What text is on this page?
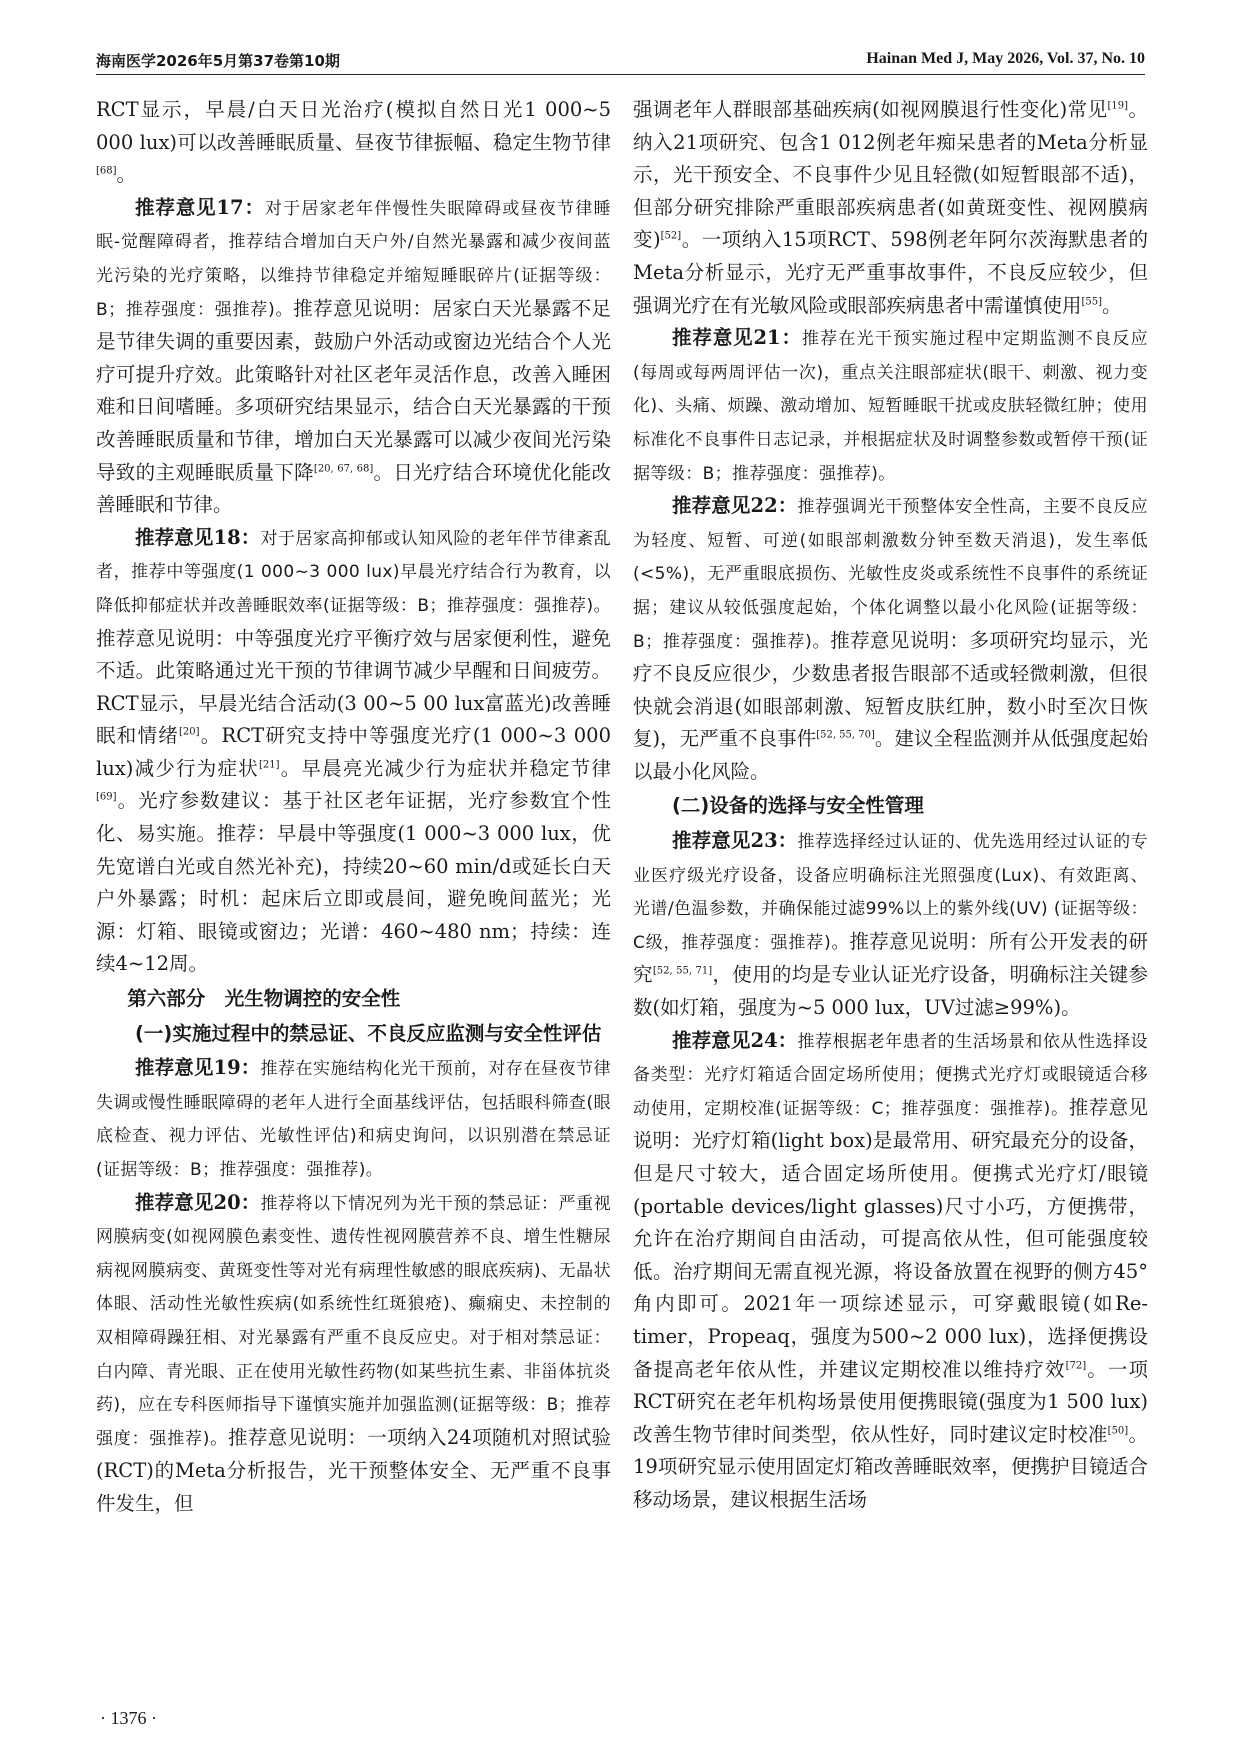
海南医学2026年5月第37卷第10期	Hainan Med J, May 2026, Vol. 37, No. 10

RCT显示，早晨/白天日光治疗(模拟自然日光1 000~5 000 lux)可以改善睡眠质量、昼夜节律振幅、稳定生物节律[68]。

推荐意见17：对于居家老年伴慢性失眠障碍或昼夜节律睡眠-觉醒障碍者，推荐结合增加白天户外/自然光暴露和减少夜间蓝光污染的光疗策略，以维持节律稳定并缩短睡眠碎片(证据等级：B；推荐强度：强推荐)。推荐意见说明：居家白天光暴露不足是节律失调的重要因素，鼓励户外活动或窗边光结合个人光疗可提升疗效。此策略针对社区老年灵活作息，改善入睡困难和日间嗜睡。多项研究结果显示，结合白天光暴露的干预改善睡眠质量和节律，增加白天光暴露可以减少夜间光污染导致的主观睡眠质量下降[20, 67, 68]。日光疗结合环境优化能改善睡眠和节律。

推荐意见18：对于居家高抑郁或认知风险的老年伴节律紊乱者，推荐中等强度(1 000~3 000 lux)早晨光疗结合行为教育，以降低抑郁症状并改善睡眠效率(证据等级：B；推荐强度：强推荐)。推荐意见说明：中等强度光疗平衡疗效与居家便利性，避免不适。此策略通过光干预的节律调节减少早醒和日间疲劳。RCT显示，早晨光结合活动(3 00~5 00 lux富蓝光)改善睡眠和情绪[20]。RCT研究支持中等强度光疗(1 000~3 000 lux)减少行为症状[21]。早晨亮光减少行为症状并稳定节律[69]。光疗参数建议：基于社区老年证据，光疗参数宜个性化、易实施。推荐：早晨中等强度(1 000~3 000 lux，优先宽谱白光或自然光补充)，持续20~60 min/d或延长白天户外暴露；时机：起床后立即或晨间，避免晚间蓝光；光源：灯箱、眼镜或窗边；光谱：460~480 nm；持续：连续4~12周。

第六部分　光生物调控的安全性
(一)实施过程中的禁忌证、不良反应监测与安全性评估

推荐意见19：推荐在实施结构化光干预前，对存在昼夜节律失调或慢性睡眠障碍的老年人进行全面基线评估，包括眼科筛查(眼底检查、视力评估、光敏性评估)和病史询问，以识别潜在禁忌证(证据等级：B；推荐强度：强推荐)。

推荐意见20：推荐将以下情况列为光干预的禁忌证：严重视网膜病变(如视网膜色素变性、遗传性视网膜营养不良、增生性糖尿病视网膜病变、黄斑变性等对光有病理性敏感的眼底疾病)、无晶状体眼、活动性光敏性疾病(如系统性红斑狼疮)、癫痫史、未控制的双相障碍躁狂相、对光暴露有严重不良反应史。对于相对禁忌证：白内障、青光眼、正在使用光敏性药物(如某些抗生素、非甾体抗炎药)，应在专科医师指导下谨慎实施并加强监测(证据等级：B；推荐强度：强推荐)。推荐意见说明：一项纳入24项随机对照试验(RCT)的Meta分析报告，光干预整体安全、无严重不良事件发生，但

强调老年人群眼部基础疾病(如视网膜退行性变化)常见[19]。纳入21项研究、包含1 012例老年痴呆患者的Meta分析显示，光干预安全、不良事件少见且轻微(如短暂眼部不适)，但部分研究排除严重眼部疾病患者(如黄斑变性、视网膜病变)[52]。一项纳入15项RCT、598例老年阿尔茨海默患者的Meta分析显示，光疗无严重事故事件，不良反应较少，但强调光疗在有光敏风险或眼部疾病患者中需谨慎使用[55]。

推荐意见21：推荐在光干预实施过程中定期监测不良反应(每周或每两周评估一次)，重点关注眼部症状(眼干、刺激、视力变化)、头痛、烦躁、激动增加、短暂睡眠干扰或皮肤轻微红肿；使用标准化不良事件日志记录，并根据症状及时调整参数或暂停干预(证据等级：B；推荐强度：强推荐)。

推荐意见22：推荐强调光干预整体安全性高，主要不良反应为轻度、短暂、可逆(如眼部刺激数分钟至数天消退)，发生率低(<5%)，无严重眼底损伤、光敏性皮炎或系统性不良事件的系统证据；建议从较低强度起始，个体化调整以最小化风险(证据等级：B；推荐强度：强推荐)。推荐意见说明：多项研究均显示，光疗不良反应很少，少数患者报告眼部不适或轻微刺激，但很快就会消退(如眼部刺激、短暂皮肤红肿，数小时至次日恢复)，无严重不良事件[52, 55, 70]。建议全程监测并从低强度起始以最小化风险。

(二)设备的选择与安全性管理

推荐意见23：推荐选择经过认证的、优先选用经过认证的专业医疗级光疗设备，设备应明确标注光照强度(Lux)、有效距离、光谱/色温参数，并确保能过滤99%以上的紫外线(UV) (证据等级：C级，推荐强度：强推荐)。推荐意见说明：所有公开发表的研究[52, 55, 71]，使用的均是专业认证光疗设备，明确标注关键参数(如灯箱，强度为~5 000 lux，UV过滤≥99%)。

推荐意见24：推荐根据老年患者的生活场景和依从性选择设备类型：光疗灯箱适合固定场所使用；便携式光疗灯或眼镜适合移动使用，定期校准(证据等级：C；推荐强度：强推荐)。推荐意见说明：光疗灯箱(light box)是最常用、研究最充分的设备，但是尺寸较大，适合固定场所使用。便携式光疗灯/眼镜(portable devices/light glasses)尺寸小巧，方便携带，允许在治疗期间自由活动，可提高依从性，但可能强度较低。治疗期间无需直视光源，将设备放置在视野的侧方45°角内即可。2021年一项综述显示，可穿戴眼镜(如Re-timer，Propeaq，强度为500~2 000 lux)，选择便携设备提高老年依从性，并建议定期校准以维持疗效[72]。一项RCT研究在老年机构场景使用便携眼镜(强度为1 500 lux)改善生物节律时间类型，依从性好，同时建议定时校准[50]。19项研究显示使用固定灯箱改善睡眠效率，便携护目镜适合移动场景，建议根据生活场

· 1376 ·
